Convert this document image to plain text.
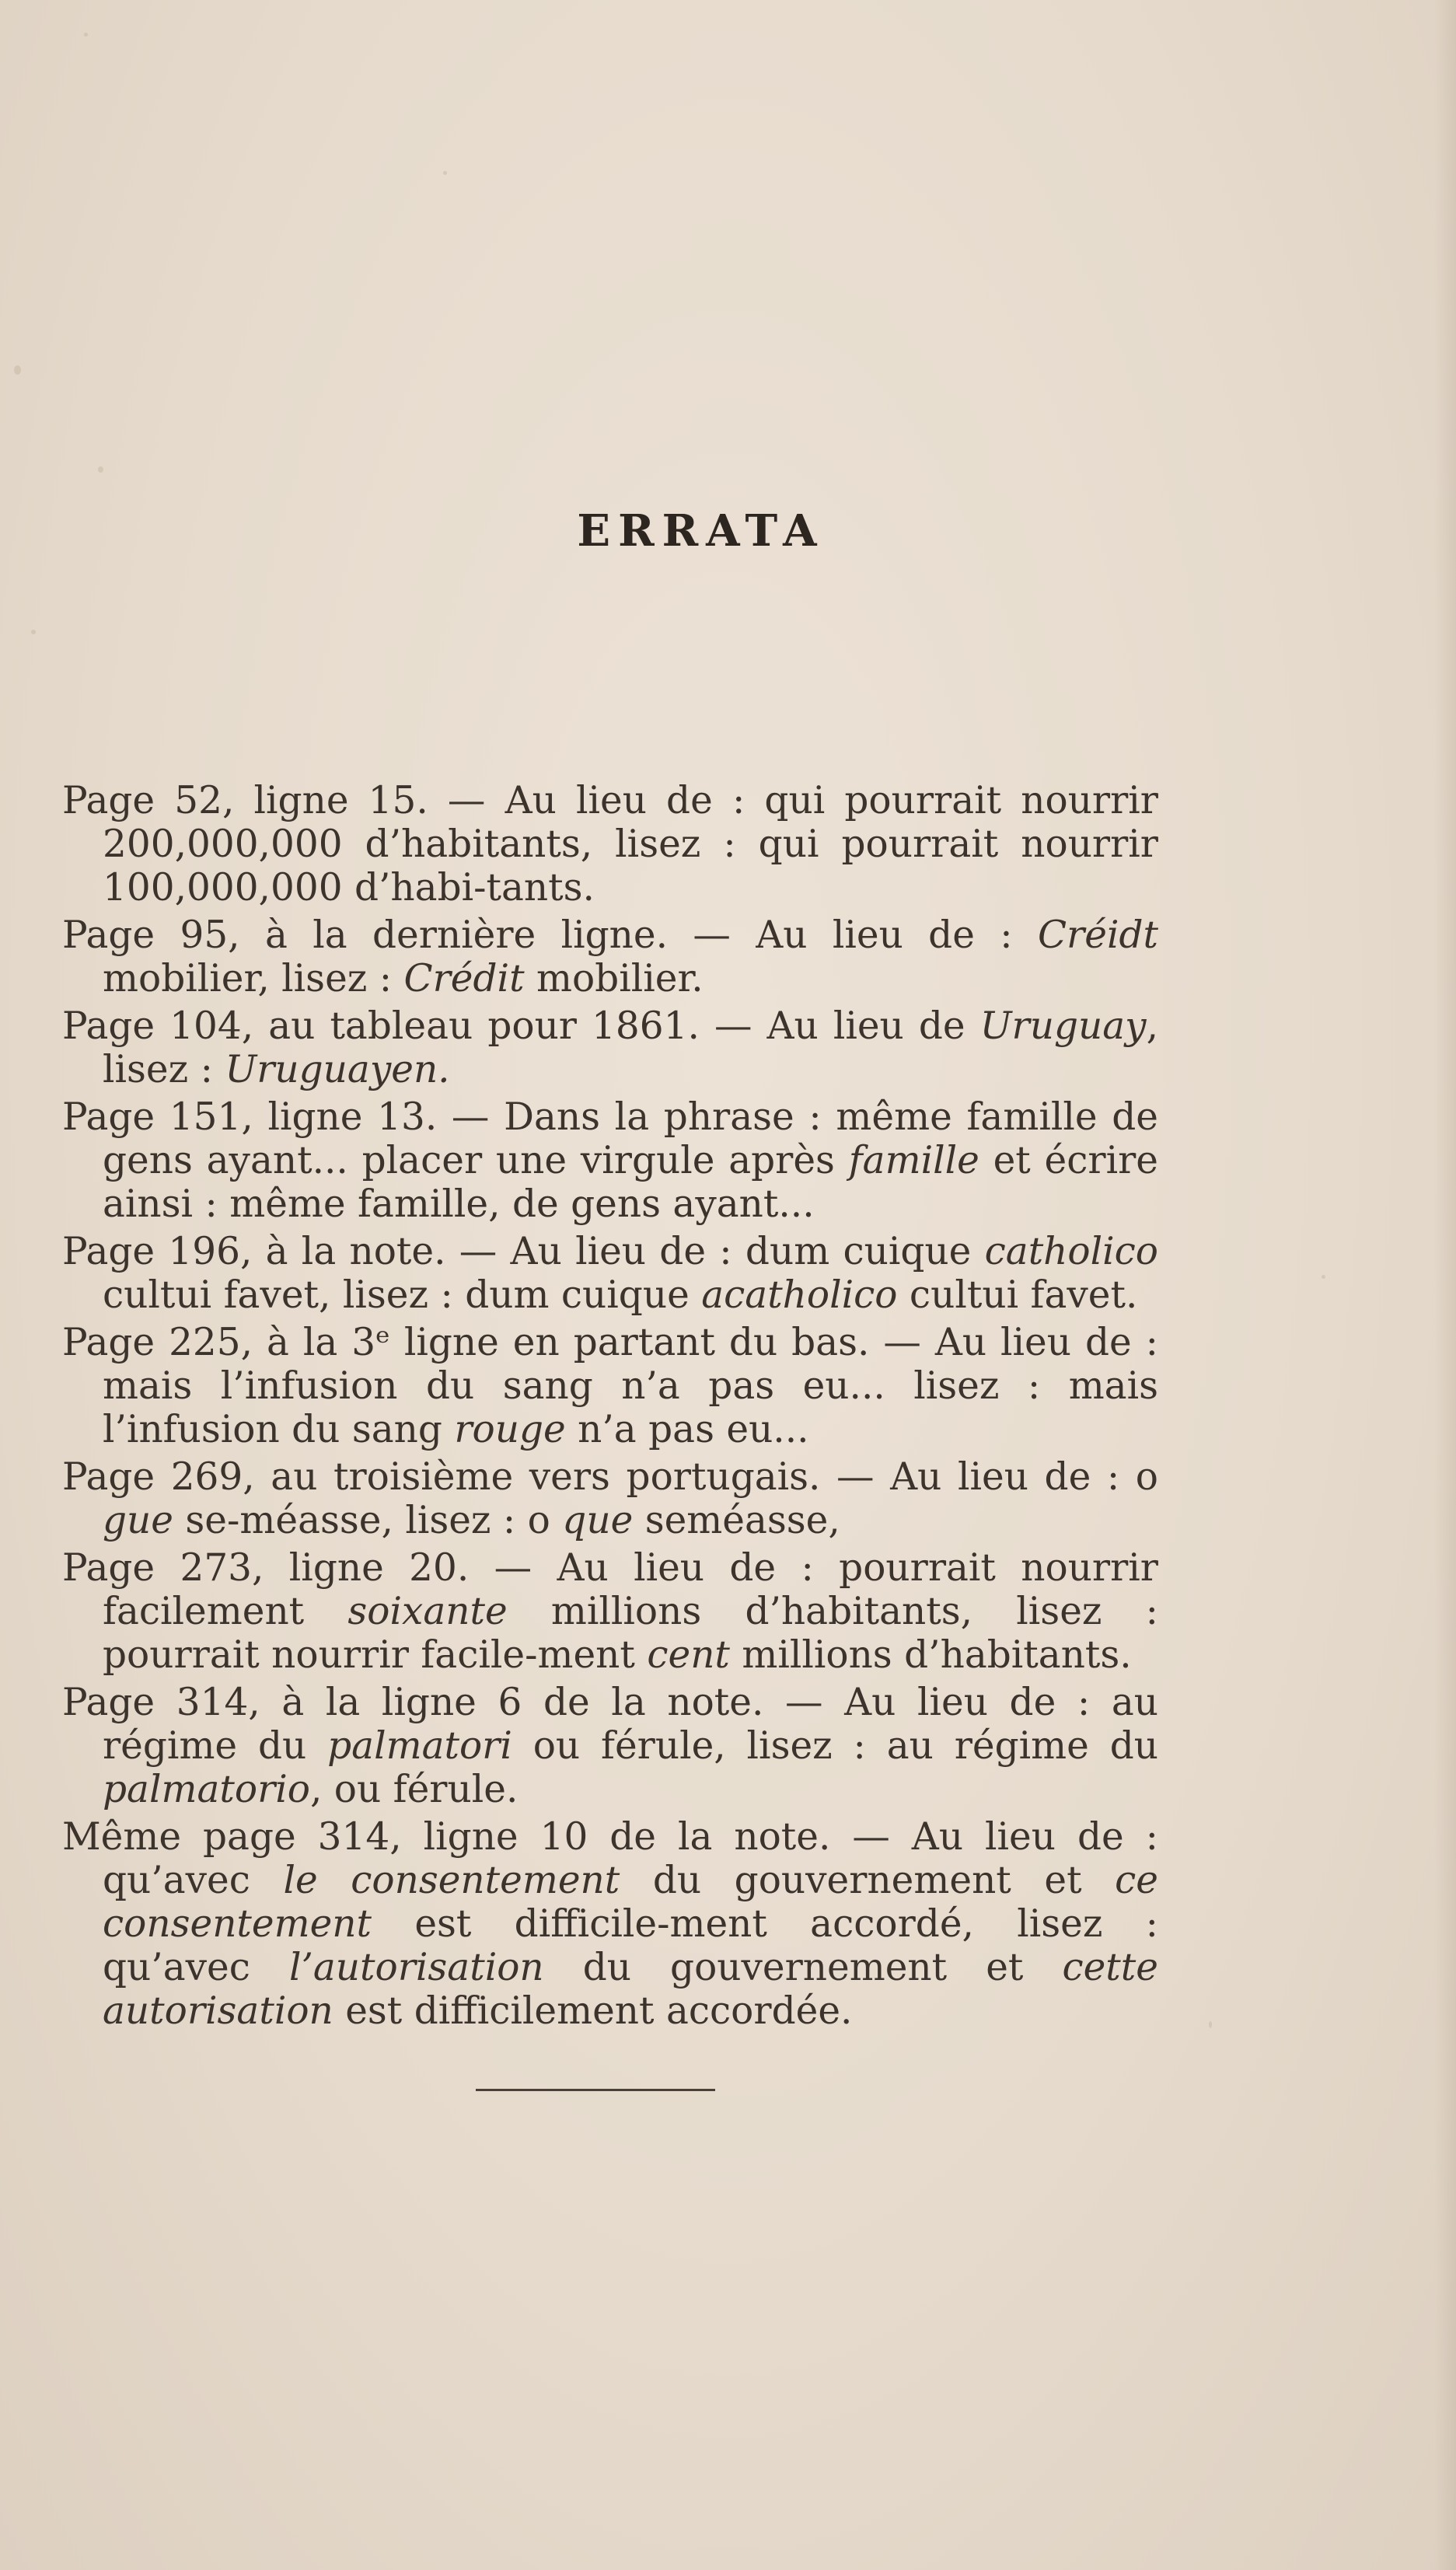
ERRATA

Page 52, ligne 15. — Au lieu de : qui pourrait nourrir 200,000,000 d’habitants, lisez : qui pourrait nourrir 100,000,000 d’habi-tants.

Page 95, à la dernière ligne. — Au lieu de : Créidt mobilier, lisez : Crédit mobilier.

Page 104, au tableau pour 1861. — Au lieu de Uruguay, lisez : Uruguayen.

Page 151, ligne 13. — Dans la phrase : même famille de gens ayant... placer une virgule après famille et écrire ainsi : même famille, de gens ayant...

Page 196, à la note. — Au lieu de : dum cuique catholico cultui favet, lisez : dum cuique acatholico cultui favet.

Page 225, à la 3ᵉ ligne en partant du bas. — Au lieu de : mais l’infusion du sang n’a pas eu... lisez : mais l’infusion du sang rouge n’a pas eu...

Page 269, au troisième vers portugais. — Au lieu de : o gue se-méasse, lisez : o que seméasse,

Page 273, ligne 20. — Au lieu de : pourrait nourrir facilement soixante millions d’habitants, lisez : pourrait nourrir facile-ment cent millions d’habitants.

Page 314, à la ligne 6 de la note. — Au lieu de : au régime du palmatori ou férule, lisez : au régime du palmatorio, ou férule.

Même page 314, ligne 10 de la note. — Au lieu de : qu’avec le consentement du gouvernement et ce consentement est difficile-ment accordé, lisez : qu’avec l’autorisation du gouvernement et cette autorisation est difficilement accordée.
